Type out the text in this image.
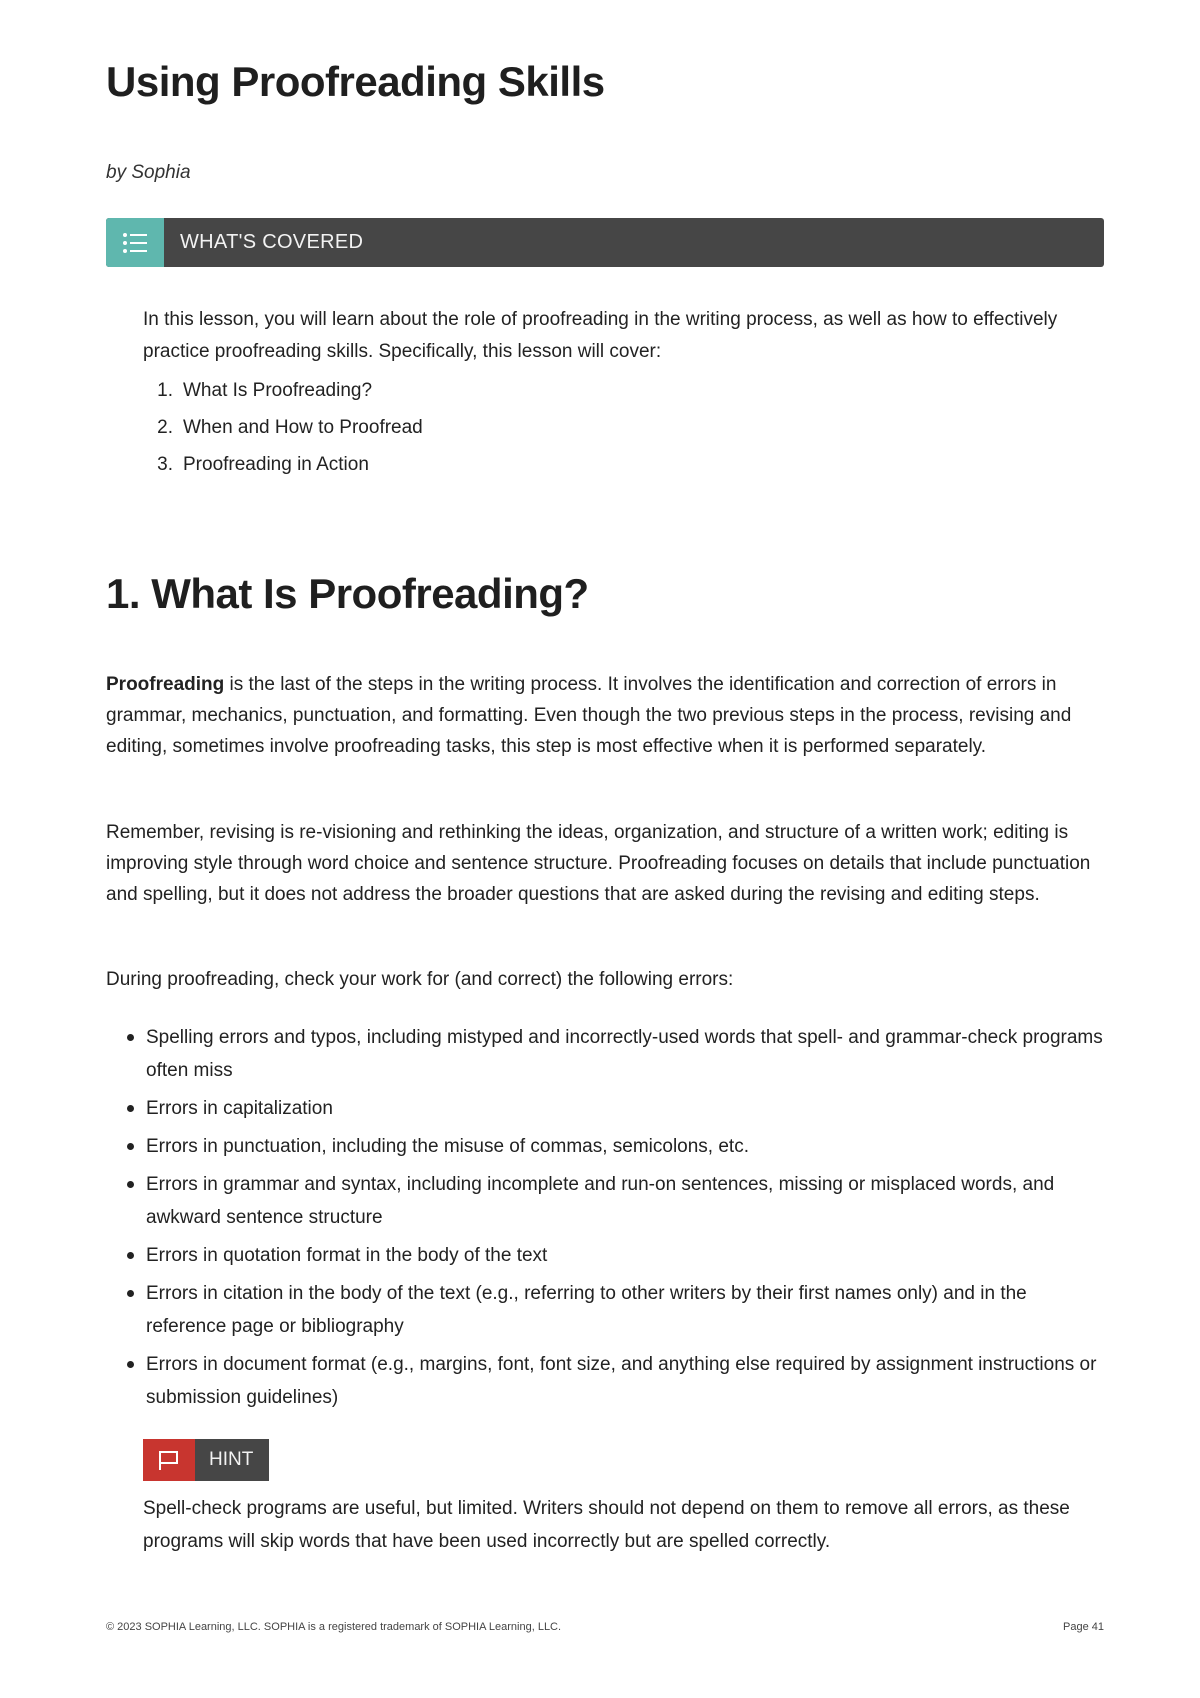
Using Proofreading Skills
by Sophia
WHAT'S COVERED

In this lesson, you will learn about the role of proofreading in the writing process, as well as how to effectively practice proofreading skills. Specifically, this lesson will cover:

1. What Is Proofreading?
2. When and How to Proofread
3. Proofreading in Action
1. What Is Proofreading?

Proofreading is the last of the steps in the writing process. It involves the identification and correction of errors in grammar, mechanics, punctuation, and formatting. Even though the two previous steps in the process, revising and editing, sometimes involve proofreading tasks, this step is most effective when it is performed separately.

Remember, revising is re-visioning and rethinking the ideas, organization, and structure of a written work; editing is improving style through word choice and sentence structure. Proofreading focuses on details that include punctuation and spelling, but it does not address the broader questions that are asked during the revising and editing steps.

During proofreading, check your work for (and correct) the following errors:

Spelling errors and typos, including mistyped and incorrectly-used words that spell- and grammar-check programs often miss
Errors in capitalization
Errors in punctuation, including the misuse of commas, semicolons, etc.
Errors in grammar and syntax, including incomplete and run-on sentences, missing or misplaced words, and awkward sentence structure
Errors in quotation format in the body of the text
Errors in citation in the body of the text (e.g., referring to other writers by their first names only) and in the reference page or bibliography
Errors in document format (e.g., margins, font, font size, and anything else required by assignment instructions or submission guidelines)
HINT

Spell-check programs are useful, but limited. Writers should not depend on them to remove all errors, as these programs will skip words that have been used incorrectly but are spelled correctly.

© 2023 SOPHIA Learning, LLC. SOPHIA is a registered trademark of SOPHIA Learning, LLC.	Page 41
